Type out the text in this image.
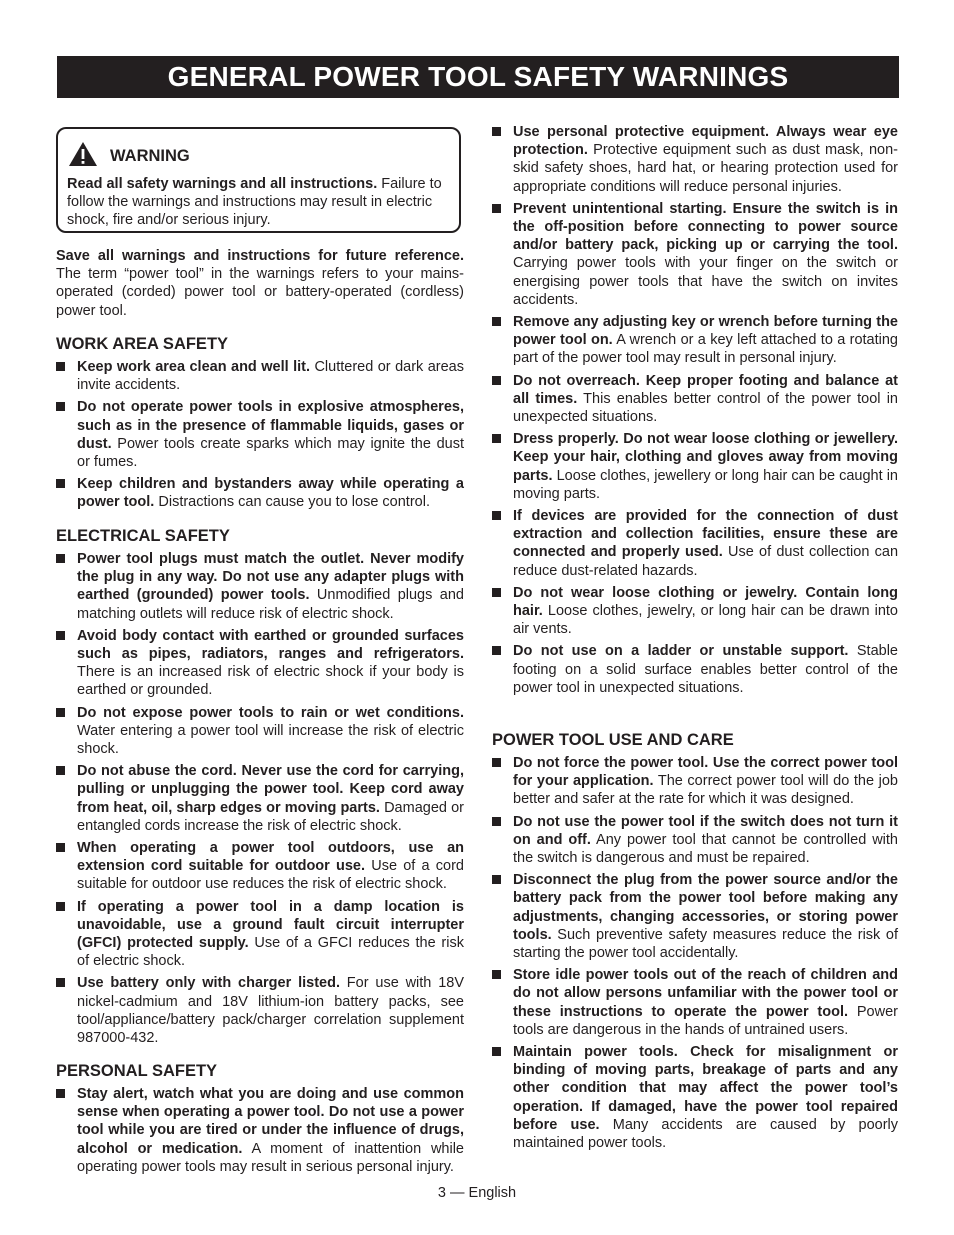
GENERAL POWER TOOL SAFETY WARNINGS
WARNING
Read all safety warnings and all instructions. Failure to follow the warnings and instructions may result in electric shock, fire and/or serious injury.
Save all warnings and instructions for future reference. The term “power tool” in the warnings refers to your mains-operated (corded) power tool or battery-operated (cordless) power tool.
WORK AREA SAFETY
Keep work area clean and well lit. Cluttered or dark areas invite accidents.
Do not operate power tools in explosive atmospheres, such as in the presence of flammable liquids, gases or dust. Power tools create sparks which may ignite the dust or fumes.
Keep children and bystanders away while operating a power tool. Distractions can cause you to lose control.
ELECTRICAL SAFETY
Power tool plugs must match the outlet. Never modify the plug in any way. Do not use any adapter plugs with earthed (grounded) power tools. Unmodified plugs and matching outlets will reduce risk of electric shock.
Avoid body contact with earthed or grounded surfaces such as pipes, radiators, ranges and refrigerators. There is an increased risk of electric shock if your body is earthed or grounded.
Do not expose power tools to rain or wet conditions. Water entering a power tool will increase the risk of electric shock.
Do not abuse the cord. Never use the cord for carrying, pulling or unplugging the power tool. Keep cord away from heat, oil, sharp edges or moving parts. Damaged or entangled cords increase the risk of electric shock.
When operating a power tool outdoors, use an extension cord suitable for outdoor use. Use of a cord suitable for outdoor use reduces the risk of electric shock.
If operating a power tool in a damp location is unavoidable, use a ground fault circuit interrupter (GFCI) protected supply. Use of a GFCI reduces the risk of electric shock.
Use battery only with charger listed. For use with 18V nickel-cadmium and 18V lithium-ion battery packs, see tool/appliance/battery pack/charger correlation supplement 987000-432.
PERSONAL SAFETY
Stay alert, watch what you are doing and use common sense when operating a power tool. Do not use a power tool while you are tired or under the influence of drugs, alcohol or medication. A moment of inattention while operating power tools may result in serious personal injury.
Use personal protective equipment. Always wear eye protection. Protective equipment such as dust mask, non-skid safety shoes, hard hat, or hearing protection used for appropriate conditions will reduce personal injuries.
Prevent unintentional starting. Ensure the switch is in the off-position before connecting to power source and/or battery pack, picking up or carrying the tool. Carrying power tools with your finger on the switch or energising power tools that have the switch on invites accidents.
Remove any adjusting key or wrench before turning the power tool on. A wrench or a key left attached to a rotating part of the power tool may result in personal injury.
Do not overreach. Keep proper footing and balance at all times. This enables better control of the power tool in unexpected situations.
Dress properly. Do not wear loose clothing or jewellery. Keep your hair, clothing and gloves away from moving parts. Loose clothes, jewellery or long hair can be caught in moving parts.
If devices are provided for the connection of dust extraction and collection facilities, ensure these are connected and properly used. Use of dust collection can reduce dust-related hazards.
Do not wear loose clothing or jewelry. Contain long hair. Loose clothes, jewelry, or long hair can be drawn into air vents.
Do not use on a ladder or unstable support. Stable footing on a solid surface enables better control of the power tool in unexpected situations.
POWER TOOL USE AND CARE
Do not force the power tool. Use the correct power tool for your application. The correct power tool will do the job better and safer at the rate for which it was designed.
Do not use the power tool if the switch does not turn it on and off. Any power tool that cannot be controlled with the switch is dangerous and must be repaired.
Disconnect the plug from the power source and/or the battery pack from the power tool before making any adjustments, changing accessories, or storing power tools. Such preventive safety measures reduce the risk of starting the power tool accidentally.
Store idle power tools out of the reach of children and do not allow persons unfamiliar with the power tool or these instructions to operate the power tool. Power tools are dangerous in the hands of untrained users.
Maintain power tools. Check for misalignment or binding of moving parts, breakage of parts and any other condition that may affect the power tool’s operation. If damaged, have the power tool repaired before use. Many accidents are caused by poorly maintained power tools.
3 — English
